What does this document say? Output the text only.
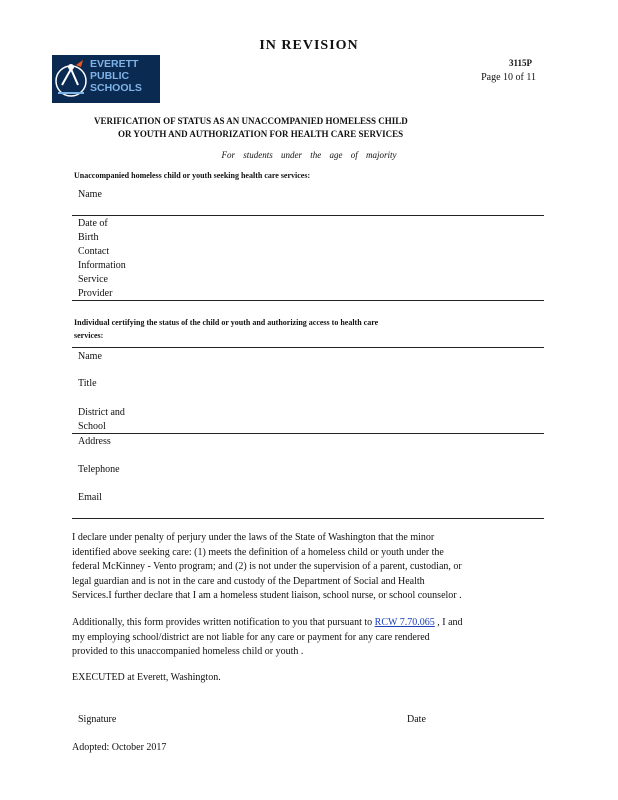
IN REVISION
EVERETT
PUBLIC
SCHOOLS
3115P
Page 10 of 11
VERIFICATION OF STATUS AS AN UNACCOMPANIED HOMELESS CHILD
OR YOUTH AND AUTHORIZATION FOR HEALTH CARE SERVICES
For students under the age of majority
Unaccompanied homeless child or youth seeking health care services:
Name
Date of
Birth
Contact
Information
Service
Provider
Individual certifying the status of the child or youth and authorizing access to health care
services:
Name
Title
District and
School
Address
Telephone
Email
I declare under penalty of perjury under the laws of the State of Washington that the minor
identified above seeking care: (1) meets the definition of a homeless child or youth under the
federal McKinney - Vento program; and (2) is not under the supervision of a parent, custodian, or
legal guardian and is not in the care and custody of the Department of Social and Health
Services.I further declare that I am a homeless student liaison, school nurse, or school counselor .
Additionally, this form provides written notification to you that pursuant to RCW 7.70.065 , I and
my employing school/district are not liable for any care or payment for any care rendered
provided to this unaccompanied homeless child or youth .
EXECUTED at Everett, Washington.
Signature	Date
Adopted: October 2017
